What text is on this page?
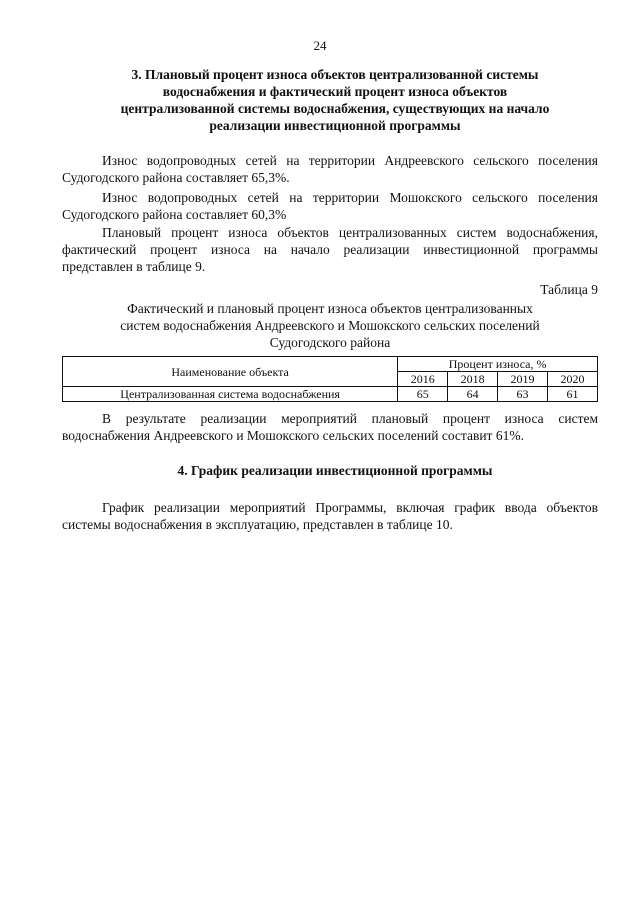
24
3. Плановый процент износа объектов централизованной системы
водоснабжения и фактический процент износа объектов
централизованной системы водоснабжения, существующих на начало
реализации инвестиционной программы
Износ водопроводных сетей на территории Андреевского сельского поселения Судогодского района составляет 65,3%.
Износ водопроводных сетей на территории Мошокского сельского поселения Судогодского района составляет 60,3%
Плановый процент износа объектов централизованных систем водоснабжения, фактический процент износа на начало реализации инвестиционной программы представлен в таблице 9.
Таблица 9
Фактический и плановый процент износа объектов централизованных
систем водоснабжения Андреевского и Мошокского сельских поселений
Судогодского района
Наименование объекта	Процент износа, %			
	2016	2018	2019	2020
Централизованная система водоснабжения	65	64	63	61
В результате реализации мероприятий плановый процент износа систем водоснабжения Андреевского и Мошокского сельских поселений составит 61%.
4. График реализации инвестиционной программы
График реализации мероприятий Программы, включая график ввода объектов системы водоснабжения в эксплуатацию, представлен в таблице 10.
